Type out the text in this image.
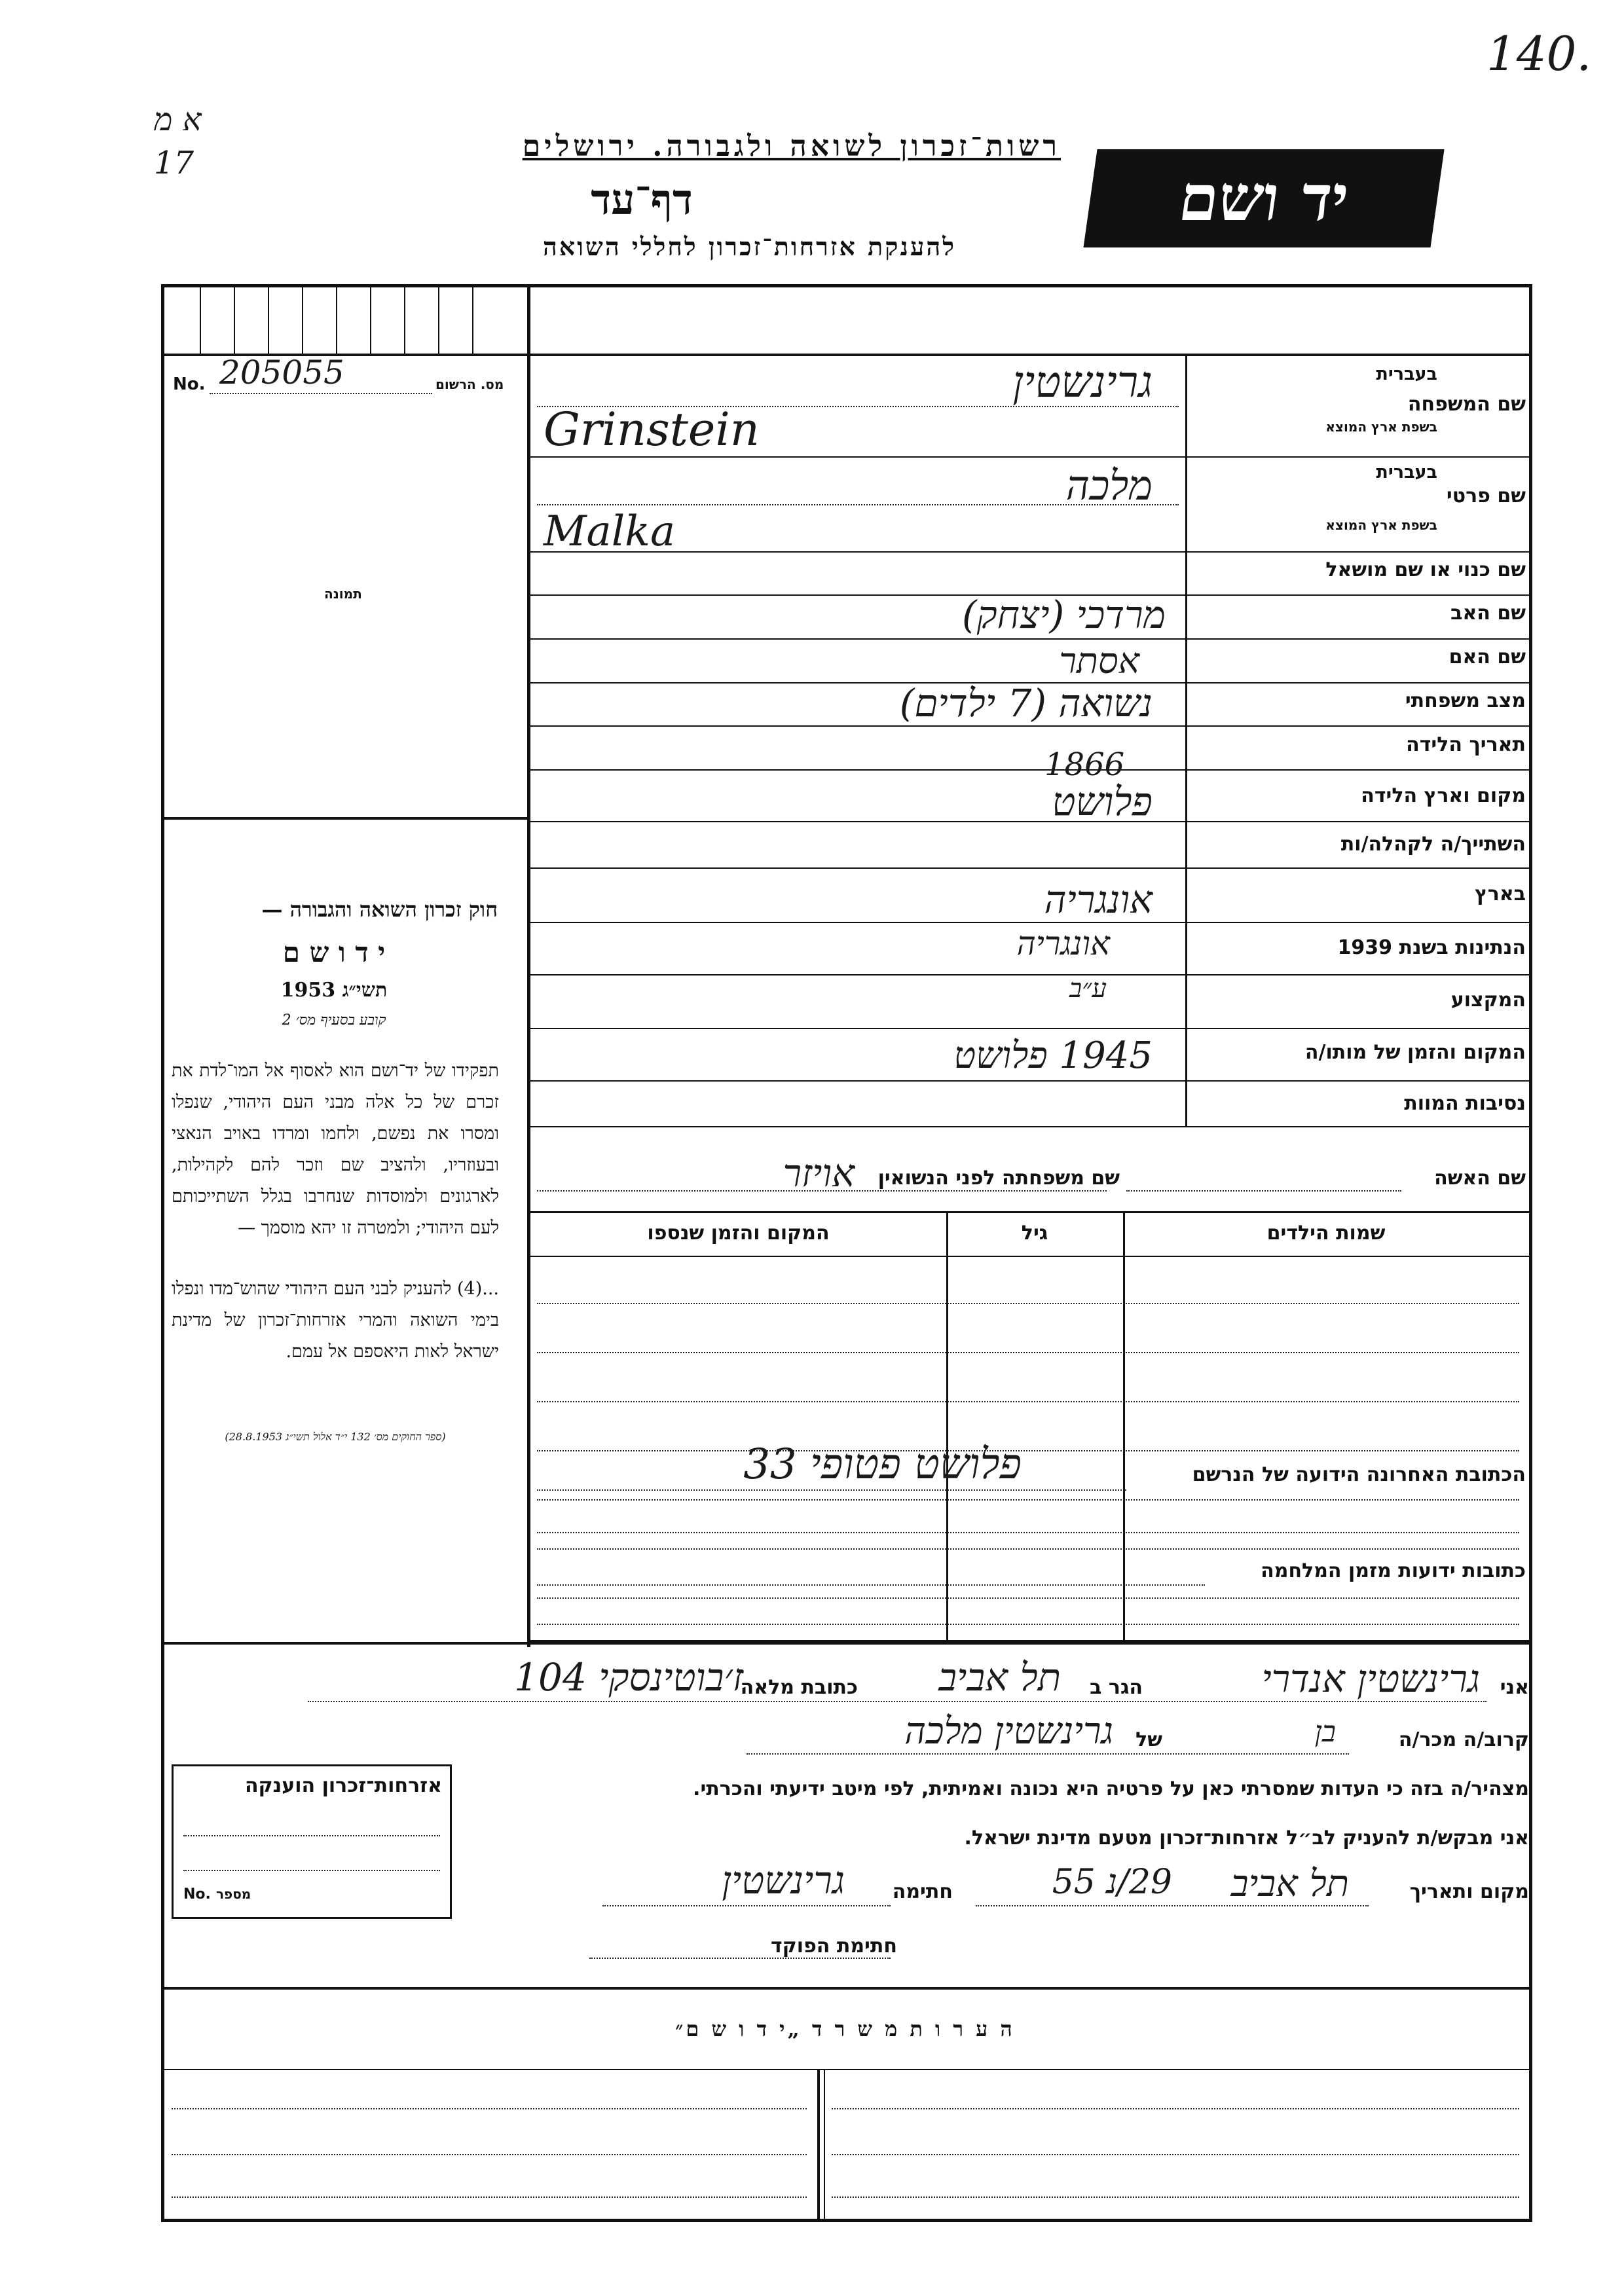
140.
א מ
17	רשות־זכרון לשואה ולגבורה. ירושלים
דף־עד
להענקת אזרחות־זכרון לחללי השואה
יד ושם
No. 205055	מס. הרשום
תמונה
חוק זכרון השואה והגבורה —
י ד ו ש ם
תשי״ג 1953
קובע בסעיף מס׳ 2
תפקידו של יד־ושם הוא לאסוף אל המו־לדת את זכרם של כל אלה מבני העם היהודי, שנפלו ומסרו את נפשם, ולחמו ומרדו באויב הנאצי ובעוזריו, ולהציב שם וזכר להם לקהילות, לארגונים ולמוסדות שנחרבו בגלל השתייכותם לעם היהודי; ולמטרה זו יהא מוסמך —
...(4) להעניק לבני העם היהודי שהוש־מדו ונפלו בימי השואה והמרי אזרחות־זכרון של מדינת ישראל לאות היאספם אל עמם.
(ספר החוקים מס׳ 132 י״ד אלול תשי״ג 28.8.1953)
שם המשפחה
בעברית
בשפת ארץ המוצא
גרינשטין
Grinstein
שם פרטי
בעברית
בשפת ארץ המוצא
מלכה
Malka
שם כנוי או שם מושאל
שם האב
מרדכי (יצחק)
שם האם
אסתר
מצב משפחתי
נשואה (7 ילדים)
תאריך הלידה
1866
מקום וארץ הלידה
פלושט
השתייך/ה לקהלה/ות
בארץ
אונגריה
הנתינות בשנת 1939
אונגריה
המקצוע
ע״ב
המקום והזמן של מותו/ה
1945 פלושט
נסיבות המוות
שם האשה
שם משפחתה לפני הנשואין
אויזר
שמות הילדים
גיל
המקום והזמן שנספו
הכתובת האחרונה הידועה של הנרשם
פלושט פטופי 33
כתובות ידועות מזמן המלחמה
אני
גרינשטין אנדרי
הגר ב
תל אביב
כתובת מלאה
ז׳בוטינסקי 104
קרוב/ה מכר/ה
בן
של
גרינשטין מלכה
מצהיר/ה בזה כי העדות שמסרתי כאן על פרטיה היא נכונה ואמיתית, לפי מיטב ידיעתי והכרתי.
אני מבקש/ת להעניק לב״ל אזרחות־זכרון מטעם מדינת ישראל.
מקום ותאריך
תל אביב
29/נ 55
חתימה
גרינשטין
חתימת הפוקד
אזרחות־זכרון הוענקה
No. מספר
ה ע ר ו ת מ ש ר ד „י ד ו ש ם״
